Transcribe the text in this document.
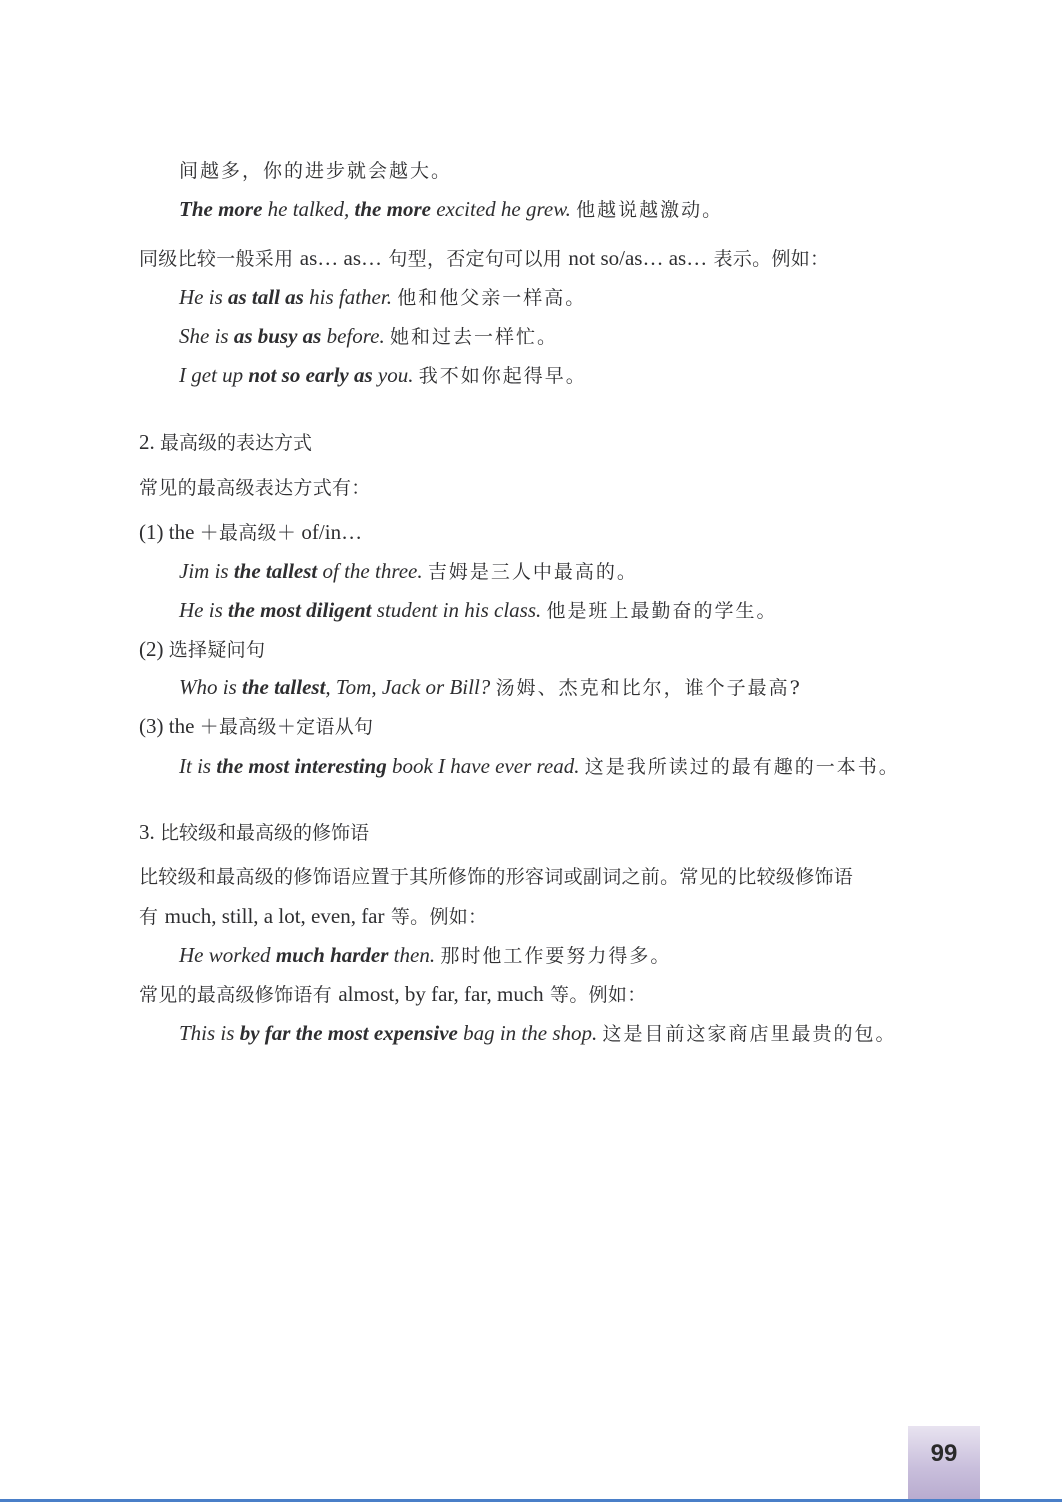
间越多，你的进步就会越大。
The more he talked, the more excited he grew. 他越说越激动。
同级比较一般采用 as… as… 句型，否定句可以用 not so/as… as… 表示。例如：
He is as tall as his father. 他和他父亲一样高。
She is as busy as before. 她和过去一样忙。
I get up not so early as you. 我不如你起得早。
2. 最高级的表达方式
常见的最高级表达方式有：
(1) the ＋最高级＋ of/in…
Jim is the tallest of the three. 吉姆是三人中最高的。
He is the most diligent student in his class. 他是班上最勤奋的学生。
(2) 选择疑问句
Who is the tallest, Tom, Jack or Bill? 汤姆、杰克和比尔，谁个子最高?
(3) the ＋最高级＋定语从句
It is the most interesting book I have ever read. 这是我所读过的最有趣的一本书。
3. 比较级和最高级的修饰语
比较级和最高级的修饰语应置于其所修饰的形容词或副词之前。常见的比较级修饰语
有 much, still, a lot, even, far 等。例如：
He worked much harder then. 那时他工作要努力得多。
常见的最高级修饰语有 almost, by far, far, much 等。例如：
This is by far the most expensive bag in the shop. 这是目前这家商店里最贵的包。
99
